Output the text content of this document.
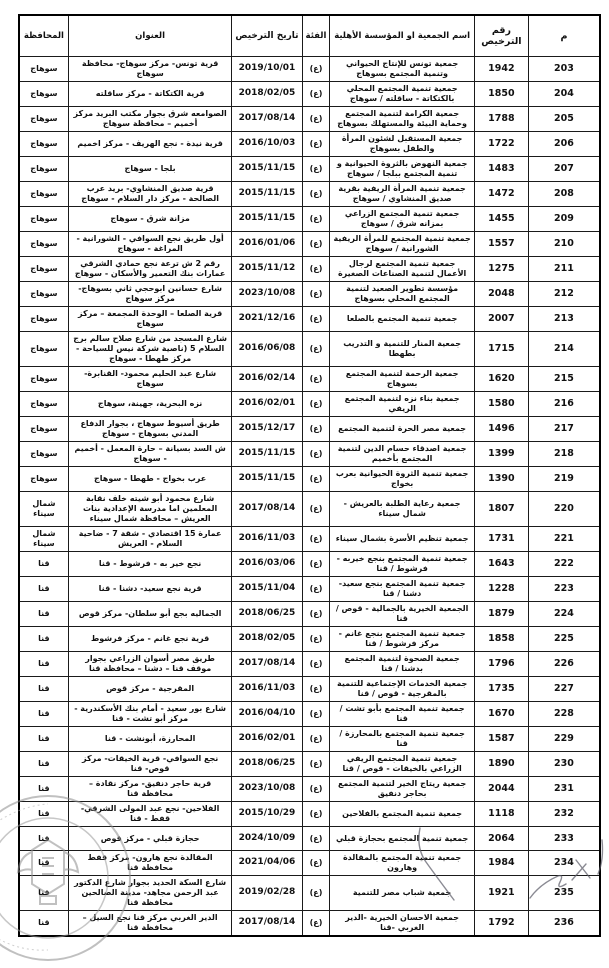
م	رقم الترخيص	اسم الجمعية او المؤسسة الأهلية	الفئة	تاريخ الترخيص	العنوان	المحافظة
203	1942	جمعية تونس للإنتاج الحيواني وتنمية المجتمع بسوهاج	(ع)	2019/10/01	قرية تونس- مركز سوهاج- محافظة سوهاج	سوهاج
204	1850	جمعية تنمية المجتمع المحلي بالكتكاتة - ساقلته / سوهاج	(ع)	2018/02/05	قرية الكتكاتة - مركز ساقلته	سوهاج
205	1788	جمعية الكرامة لتنمية المجتمع وحماية البيئة والمستهلك بسوهاج	(ع)	2017/08/14	الصوامعه شرق بجوار مكتب البريد مركز أخميم – محافظة سوهاج	سوهاج
206	1722	جمعية المستقبل لشئون المرأة والطفل بسوهاج	(ع)	2016/10/03	قرية نيدة - نجع الهريف - مركز اخميم	سوهاج
207	1483	جمعية النهوض بالثروة الحيوانية و تنمية المجتمع ببلجا / سوهاج	(ع)	2015/11/15	بلجا - سوهاج	سوهاج
208	1472	جمعية تنمية المرأة الريفية بقرية صديق المنشاوي / سوهاج	(ع)	2015/11/15	قرية صديق المنشاوي- بريد عرب الصالحة - مركز دار السلام - سوهاج	سوهاج
209	1455	جمعية تنمية المجتمع الزراعي بمزانه شرق / سوهاج	(ع)	2015/11/15	مزانة شرق - سوهاج	سوهاج
210	1557	جمعية تنمية المجتمع للمرأة الريفية الشورانية / سوهاج	(ع)	2016/01/06	أول طريق نجع السوافي - الشورانية - المراغة - سوهاج	سوهاج
211	1275	جمعية تنمية المجتمع لرجال الأعمال لتنمية الصناعات الصغيرة	(ع)	2015/11/12	رقم 2 ش ترعة نجع حمادي الشرقي عمارات بنك التعمير والأسكان - سوهاج	سوهاج
212	2048	مؤسسة تطوير الصعيد لتنمية المجتمع المحلي بسوهاج	(ع)	2023/10/08	شارع حسانين ابوحجي ثاني بسوهاج-مركز سوهاج	سوهاج
213	2007	جمعية تنمية المجتمع بالصلعا	(ع)	2021/12/16	قرية الصلعا – الوحدة المجمعة – مركز سوهاج	سوهاج
214	1715	جمعية المنار للتنمية و التدريب بطهطا	(ع)	2016/06/08	شارع المسجد من شارع صلاح سالم برج السلام 5 (ناصية شركة نيس للسياحة - مركز طهطا - سوهاج	سوهاج
215	1620	جمعية الرحمة لتنمية المجتمع بسوهاج	(ع)	2016/02/14	شارع عبد الحليم محمود- القنابرة- سوهاج	سوهاج
216	1580	جمعية بناء نزه لتنمية المجتمع الريفي	(ع)	2016/02/01	نزه البحرية، جهينة، سوهاج	سوهاج
217	1496	جمعية مصر الحرة لتنمية المجتمع	(ع)	2015/12/17	طريق أسيوط سوهاج ، بجوار الدفاع المدني بسوهاج - سوهاج	سوهاج
218	1399	جمعية اصدقاء حسام الدين لتنمية المجتمع بأخميم	(ع)	2015/11/15	ش السد بسيانة – حارة المعمل - أخميم - سوهاج	سوهاج
219	1390	جمعية تنمية الثروة الحيوانية بعرب بخواج	(ع)	2015/11/15	عرب بخواج - طهطا - سوهاج	سوهاج
220	1807	جمعية رعاية الطلبة بالعريش - شمال سيناء	(ع)	2017/08/14	شارع محمود أبو شيته خلف نقابة المعلمين اما مدرسة الإعدادية بنات العريش – محافظة شمال سيناء	شمال سيناء
221	1731	جمعية تنظيم الأسرة بشمال سيناء	(ع)	2016/11/03	عمارة 15 اقتصادي - شقة 7 - ضاحية السلام - العريش	شمال سيناء
222	1643	جمعية تنمية المجتمع بنجع خيربه - فرشوط / قنا	(ع)	2016/03/06	نجع خير به - فرشوط - قنا	قنا
223	1228	جمعية تنمية المجتمع بنجع سعيد- دشنا / قنا	(ع)	2015/11/04	قرية نجع سعيد- دشنا - قنا	قنا
224	1879	الجمعية الخيرية بالجمالية - قوص / قنا	(ع)	2018/06/25	الجماليه بجع أبو سلطان- مركز قوص	قنا
225	1858	جمعية تنمية المجتمع بنجع غانم - مركز فرشوط / قنا	(ع)	2018/02/05	قرية نجع غانم - مركز فرشوط	قنا
226	1796	جمعية الصحوة لتنمية المجتمع بدشنا / قنا	(ع)	2017/08/14	طريق مصر أسوان الزراعي بجوار موقف قنا – دشنا – محافظة قنا	قنا
227	1735	جمعية الخدمات الإجتماعية للتنمية بالمقرجية - قوص / قنا	(ع)	2016/11/03	المقرجية - مركز قوص	قنا
228	1670	جمعية تنمية المجتمع بأبو تشت / قنا	(ع)	2016/04/10	شارع بور سعيد - أمام بنك الأسكندرية - مركز أبو تشت - قنا	قنا
229	1587	جمعية تنمية المجتمع بالمحارزة / قنا	(ع)	2016/02/01	المحارزة، أبونشت - قنا	قنا
230	1890	جمعية تنمية المجتمع الريفي الزراعي بالخيقات - قوص / قنا	(ع)	2018/06/25	نجع السوافي- قرية الخيقات- مركز قوص- قنا	قنا
231	2044	جمعية ريتاج الخير لتنمية المجتمع بحاجر دنفيق	(ع)	2023/10/08	قرية حاجر دنفيق- مركز نقادة – محافظة قنا	قنا
232	1118	جمعية تنمية المجتمع بالفلاحين	(ع)	2015/10/29	الفلاحين- نجع عبد المولى الشرقي- قفط - قنا	قنا
233	2064	جمعية تنمية المجتمع بحجازة قبلي	(ع)	2024/10/09	حجازة قبلي - مركز قوص	قنا
234	1984	جمعية تنمية المجتمع بالمقالدة وهارون	(ع)	2021/04/06	المقالدة نجع هارون- مركز قفط محافظة قنا	قنا
235	1921	جمعية شباب مصر للتنمية	(ع)	2019/02/28	شارع السكة الحديد بجوار شارع الدكتور عبد الرحمن مجاهد- مدينة الصالحين محافظة قنا	قنا
236	1792	جمعية الاحسان الخيرية -الدير الغربي -قنا	(ع)	2017/08/14	الدير الغربي مركز قنا نجع السيل – محافظة قنا	قنا
